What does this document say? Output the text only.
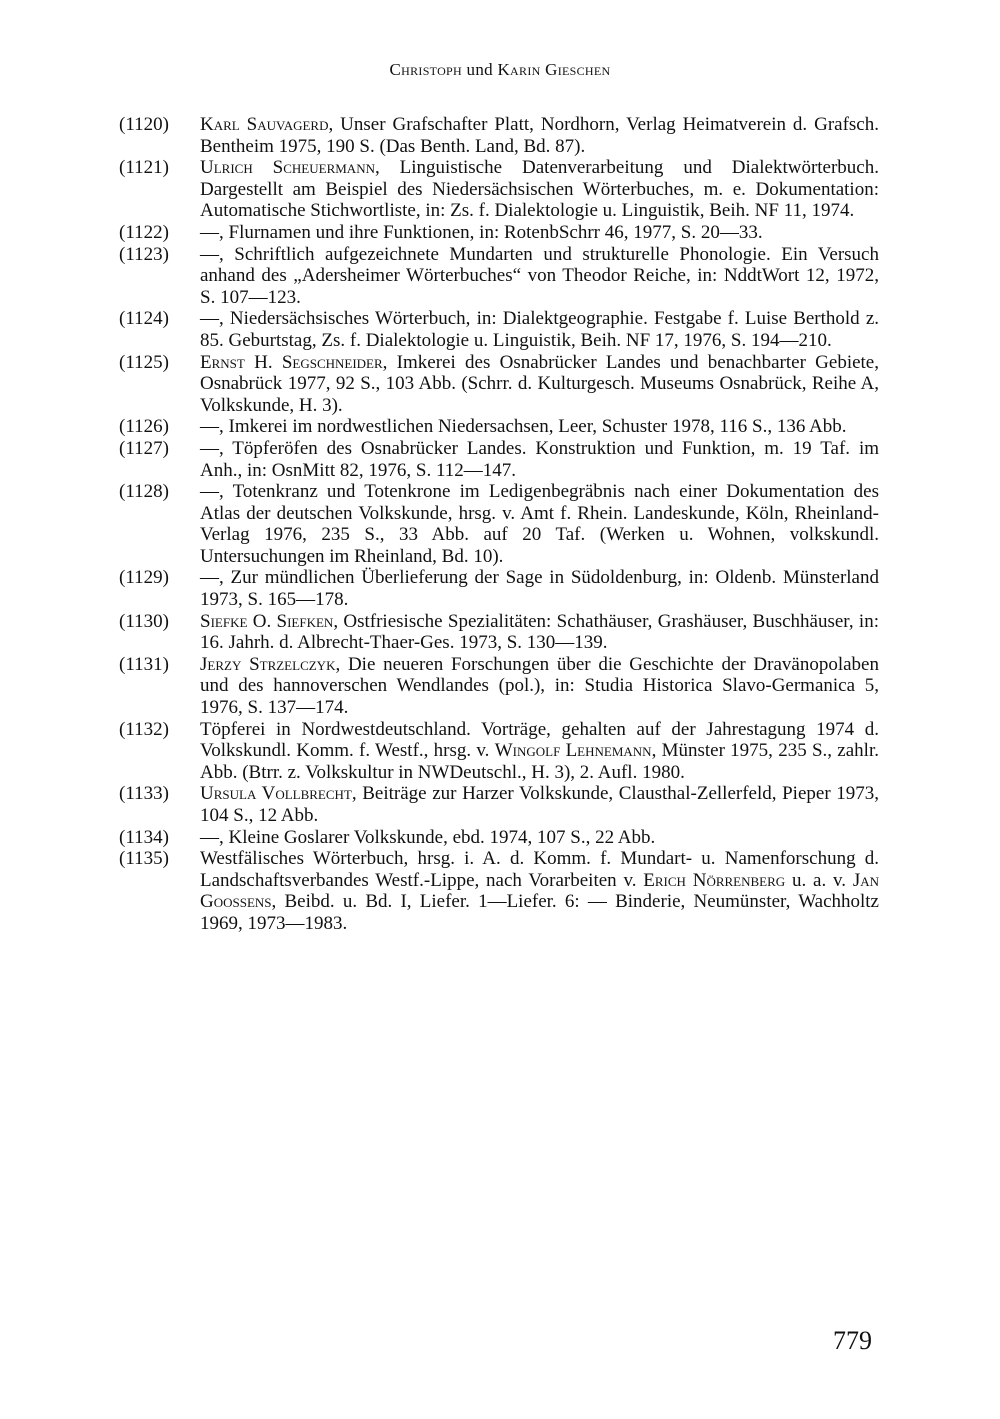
Christoph und Karin Gieschen
(1120)	Karl Sauvagerd, Unser Grafschafter Platt, Nordhorn, Verlag Heimatverein d. Grafsch. Bentheim 1975, 190 S. (Das Benth. Land, Bd. 87).
(1121)	Ulrich Scheuermann, Linguistische Datenverarbeitung und Dialektwörterbuch. Dargestellt am Beispiel des Niedersächsischen Wörterbuches, m. e. Dokumentation: Automatische Stichwortliste, in: Zs. f. Dialektologie u. Linguistik, Beih. NF 11, 1974.
(1122)	—, Flurnamen und ihre Funktionen, in: RotenbSchrr 46, 1977, S. 20—33.
(1123)	—, Schriftlich aufgezeichnete Mundarten und strukturelle Phonologie. Ein Versuch anhand des „Adersheimer Wörterbuches“ von Theodor Reiche, in: NddtWort 12, 1972, S. 107—123.
(1124)	—, Niedersächsisches Wörterbuch, in: Dialektgeographie. Festgabe f. Luise Berthold z. 85. Geburtstag, Zs. f. Dialektologie u. Linguistik, Beih. NF 17, 1976, S. 194—210.
(1125)	Ernst H. Segschneider, Imkerei des Osnabrücker Landes und benachbarter Gebiete, Osnabrück 1977, 92 S., 103 Abb. (Schrr. d. Kulturgesch. Museums Osnabrück, Reihe A, Volkskunde, H. 3).
(1126)	—, Imkerei im nordwestlichen Niedersachsen, Leer, Schuster 1978, 116 S., 136 Abb.
(1127)	—, Töpferöfen des Osnabrücker Landes. Konstruktion und Funktion, m. 19 Taf. im Anh., in: OsnMitt 82, 1976, S. 112—147.
(1128)	—, Totenkranz und Totenkrone im Ledigenbegräbnis nach einer Dokumentation des Atlas der deutschen Volkskunde, hrsg. v. Amt f. Rhein. Landeskunde, Köln, Rheinland-Verlag 1976, 235 S., 33 Abb. auf 20 Taf. (Werken u. Wohnen, volkskundl. Untersuchungen im Rheinland, Bd. 10).
(1129)	—, Zur mündlichen Überlieferung der Sage in Südoldenburg, in: Oldenb. Münsterland 1973, S. 165—178.
(1130)	Siefke O. Siefken, Ostfriesische Spezialitäten: Schathäuser, Grashäuser, Buschhäuser, in: 16. Jahrh. d. Albrecht-Thaer-Ges. 1973, S. 130—139.
(1131)	Jerzy Strzelczyk, Die neueren Forschungen über die Geschichte der Dravänopolaben und des hannoverschen Wendlandes (pol.), in: Studia Historica Slavo-Germanica 5, 1976, S. 137—174.
(1132)	Töpferei in Nordwestdeutschland. Vorträge, gehalten auf der Jahrestagung 1974 d. Volkskundl. Komm. f. Westf., hrsg. v. Wingolf Lehnemann, Münster 1975, 235 S., zahlr. Abb. (Btrr. z. Volkskultur in NWDeutschl., H. 3), 2. Aufl. 1980.
(1133)	Ursula Vollbrecht, Beiträge zur Harzer Volkskunde, Clausthal-Zellerfeld, Pieper 1973, 104 S., 12 Abb.
(1134)	—, Kleine Goslarer Volkskunde, ebd. 1974, 107 S., 22 Abb.
(1135)	Westfälisches Wörterbuch, hrsg. i. A. d. Komm. f. Mundart- u. Namenforschung d. Landschaftsverbandes Westf.-Lippe, nach Vorarbeiten v. Erich Nörrenberg u. a. v. Jan Goossens, Beibd. u. Bd. I, Liefer. 1—Liefer. 6: — Binderie, Neumünster, Wachholtz 1969, 1973—1983.
779
